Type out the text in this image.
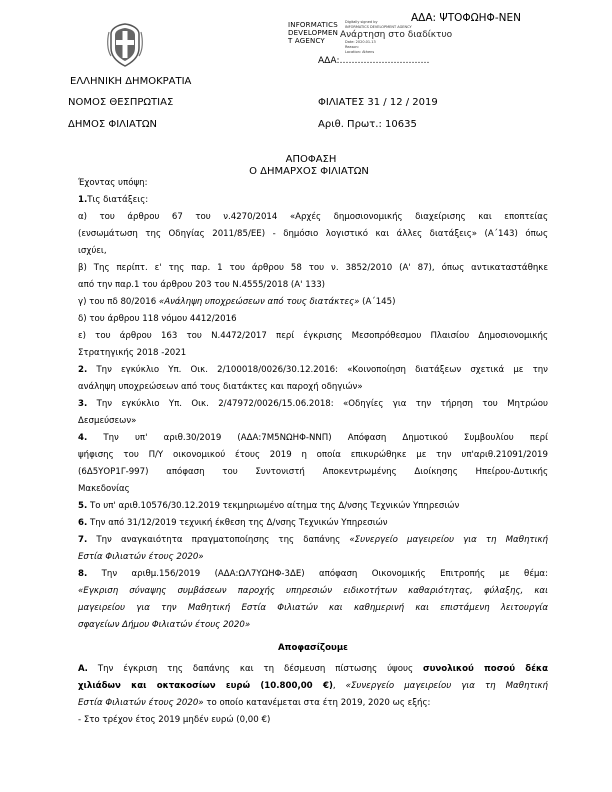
ΑΔΑ: ΨΤΟΦΩΗΦ-ΝΕΝ
INFORMATICS
DEVELOPMEN
T AGENCY
Ανάρτηση στο διαδίκτυο
Digitally signed by
INFORMATICS DEVELOPMENT AGENCY
Date: 2020.01.13
Reason:
Location: Athens
ΑΔΑ:…………………………
ΕΛΛΗΝΙΚΗ ΔΗΜΟΚΡΑΤΙΑ
ΝΟΜΟΣ ΘΕΣΠΡΩΤΙΑΣ
ΔΗΜΟΣ ΦΙΛΙΑΤΩΝ
ΦΙΛΙΑΤΕΣ 31 / 12 / 2019
Αριθ. Πρωτ.: 10635
ΑΠΟΦΑΣΗ
Ο ΔΗΜΑΡΧΟΣ ΦΙΛΙΑΤΩΝ

Έχοντας υπόψη:

1.Τις διατάξεις:

α) του άρθρου 67 του ν.4270/2014 «Αρχές δημοσιονομικής διαχείρισης και εποπτείας

(ενσωμάτωση της Οδηγίας 2011/85/ΕΕ) - δημόσιο λογιστικό και άλλες διατάξεις» (Α΄143) όπως

ισχύει,

β) Της περίπτ. ε' της παρ. 1 του άρθρου 58 του ν. 3852/2010 (Α' 87), όπως αντικαταστάθηκε

από την παρ.1 του άρθρου 203 του Ν.4555/2018 (Α' 133)

γ) του πδ 80/2016 «Ανάληψη υποχρεώσεων από τους διατάκτες» (Α΄145)

δ) του άρθρου 118 νόμου 4412/2016

ε) του άρθρου 163 του Ν.4472/2017 περί έγκρισης Μεσοπρόθεσμου Πλαισίου Δημοσιονομικής

Στρατηγικής 2018 -2021

2. Την εγκύκλιο Υπ. Οικ. 2/100018/0026/30.12.2016: «Κοινοποίηση διατάξεων σχετικά με την

ανάληψη υποχρεώσεων από τους διατάκτες και παροχή οδηγιών»

3. Την εγκύκλιο Υπ. Οικ. 2/47972/0026/15.06.2018: «Οδηγίες για την τήρηση του Μητρώου

Δεσμεύσεων»

4. Την υπ' αριθ.30/2019 (ΑΔΑ:7Μ5ΝΩΗΦ-ΝΝΠ) Απόφαση Δημοτικού Συμβουλίου περί

ψήφισης του Π/Υ οικονομικού έτους 2019 η οποία επικυρώθηκε με την υπ'αριθ.21091/2019

(6Δ5ΥΟΡ1Γ-997) απόφαση του Συντονιστή Αποκεντρωμένης Διοίκησης Ηπείρου-Δυτικής

Μακεδονίας

5. Το υπ' αριθ.10576/30.12.2019 τεκμηριωμένο αίτημα της Δ/νσης Τεχνικών Υπηρεσιών

6. Την από 31/12/2019 τεχνική έκθεση της Δ/νσης Τεχνικών Υπηρεσιών

7. Την αναγκαιότητα πραγματοποίησης της δαπάνης «Συνεργείο μαγειρείου για τη Μαθητική

Εστία Φιλιατών έτους 2020»

8. Την αριθμ.156/2019 (ΑΔΑ:ΩΛ7ΥΩΗΦ-3ΔΕ) απόφαση Οικονομικής Επιτροπής με θέμα:

«Εγκριση σύναψης συμβάσεων παροχής υπηρεσιών ειδικοτήτων καθαριότητας, φύλαξης, και

μαγειρείου για την Μαθητική Εστία Φιλιατών και καθημερινή και επιστάμενη λειτουργία

σφαγείων Δήμου Φιλιατών έτους 2020»

Αποφασίζουμε

Α. Την έγκριση της δαπάνης και τη δέσμευση πίστωσης ύψους συνολικού ποσού δέκα

χιλιάδων και οκτακοσίων ευρώ (10.800,00 €), «Συνεργείο μαγειρείου για τη Μαθητική

Εστία Φιλιατών έτους 2020» το οποίο κατανέμεται στα έτη 2019, 2020 ως εξής:

- Στο τρέχον έτος 2019 μηδέν ευρώ (0,00 €)
